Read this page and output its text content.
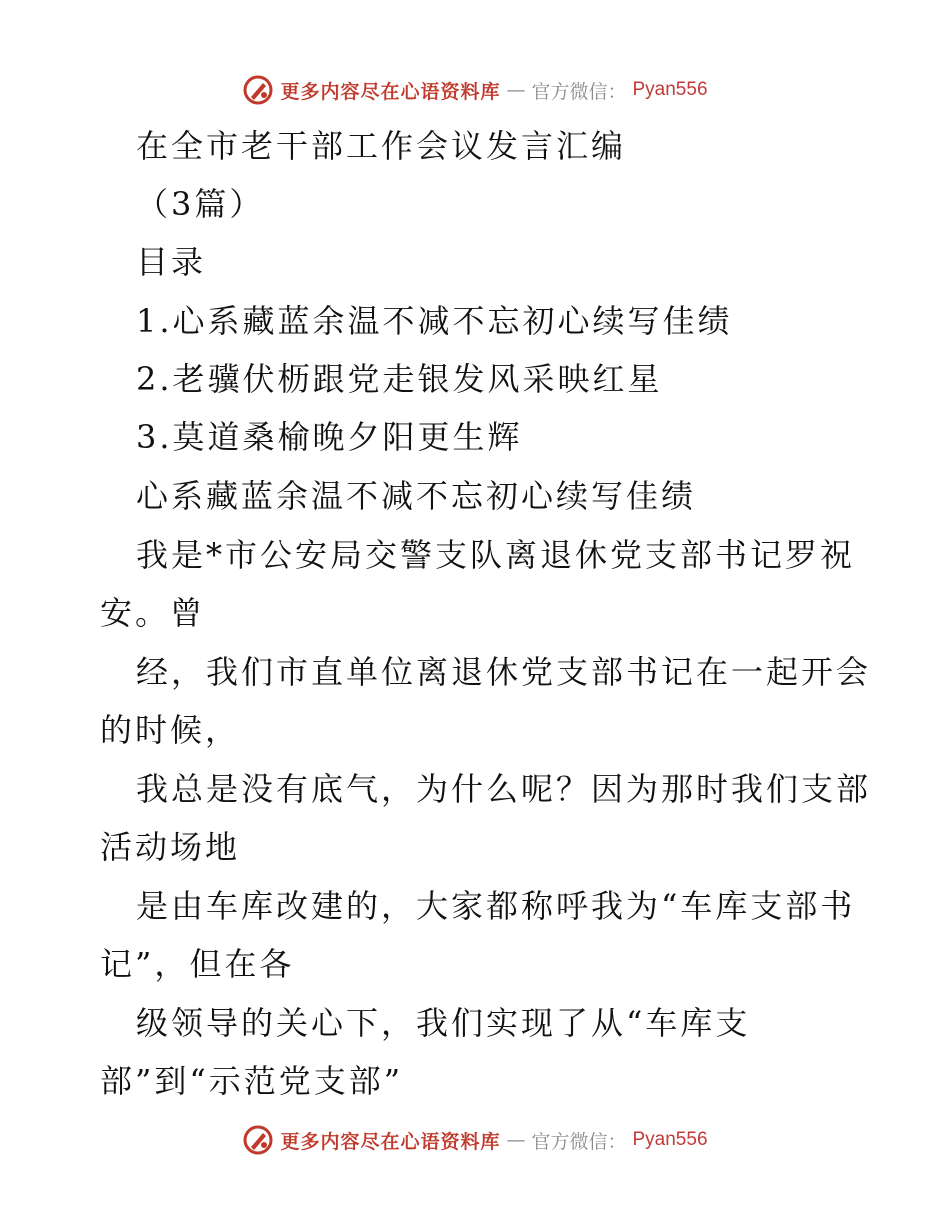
更多内容尽在心语资料库 — 官方微信： Pyan556
在全市老干部工作会议发言汇编
（3篇）
目录
1.心系藏蓝余温不减不忘初心续写佳绩
2.老骥伏枥跟党走银发风采映红星
3.莫道桑榆晚夕阳更生辉
心系藏蓝余温不减不忘初心续写佳绩
我是*市公安局交警支队离退休党支部书记罗祝
安。曾
经，我们市直单位离退休党支部书记在一起开会
的时候，
我总是没有底气，为什么呢？因为那时我们支部
活动场地
是由车库改建的，大家都称呼我为“车库支部书
记”，但在各
级领导的关心下，我们实现了从“车库支
部”到“示范党支部”
更多内容尽在心语资料库 — 官方微信： Pyan556
